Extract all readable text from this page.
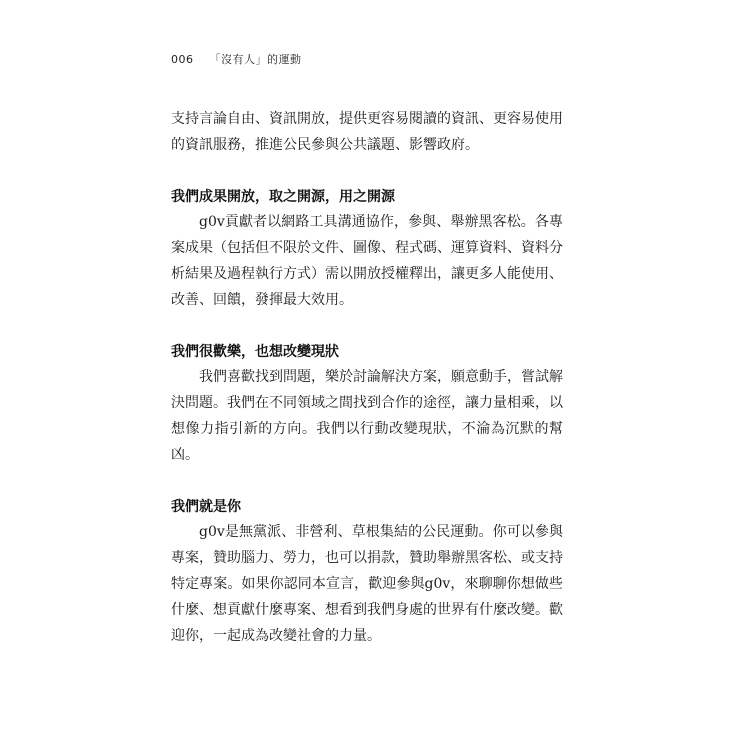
006 「沒有人」的運動

支持言論自由、資訊開放，提供更容易閱讀的資訊、更容易使用的資訊服務，推進公民參與公共議題、影響政府。

我們成果開放，取之開源，用之開源

g0v貢獻者以網路工具溝通協作，參與、舉辦黑客松。各專案成果（包括但不限於文件、圖像、程式碼、運算資料、資料分析結果及過程執行方式）需以開放授權釋出，讓更多人能使用、改善、回饋，發揮最大效用。

我們很歡樂，也想改變現狀

我們喜歡找到問題，樂於討論解決方案，願意動手，嘗試解決問題。我們在不同領域之間找到合作的途徑，讓力量相乘，以想像力指引新的方向。我們以行動改變現狀，不淪為沉默的幫凶。

我們就是你

g0v是無黨派、非營利、草根集結的公民運動。你可以參與專案，贊助腦力、勞力，也可以捐款，贊助舉辦黑客松、或支持特定專案。如果你認同本宣言，歡迎參與g0v，來聊聊你想做些什麼、想貢獻什麼專案、想看到我們身處的世界有什麼改變。歡迎你，一起成為改變社會的力量。
